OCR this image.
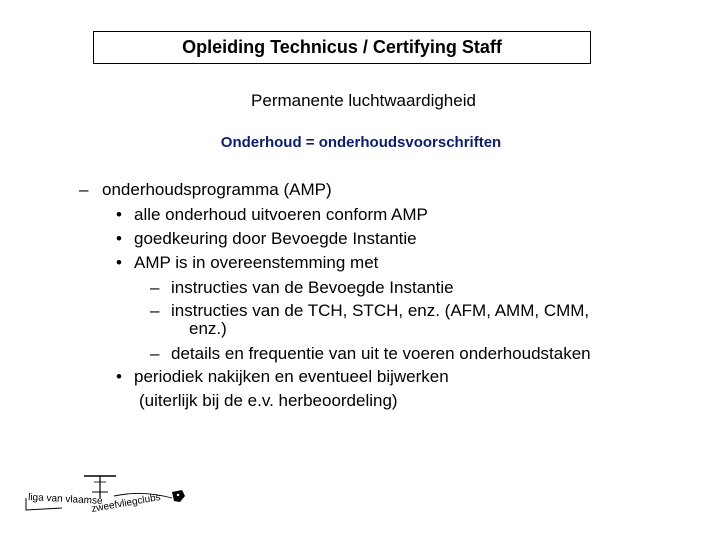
Opleiding Technicus / Certifying Staff
Permanente luchtwaardigheid
Onderhoud = onderhoudsvoorschriften
– onderhoudsprogramma (AMP)
• alle onderhoud uitvoeren conform AMP
• goedkeuring door Bevoegde Instantie
• AMP is in overeenstemming met
– instructies van de Bevoegde Instantie
– instructies van de TCH, STCH, enz. (AFM, AMM, CMM,
enz.)
– details en frequentie van uit te voeren onderhoudstaken
• periodiek nakijken en eventueel bijwerken
(uiterlijk bij de e.v. herbeoordeling)
liga van vlaamse
zweefvliegclubs
